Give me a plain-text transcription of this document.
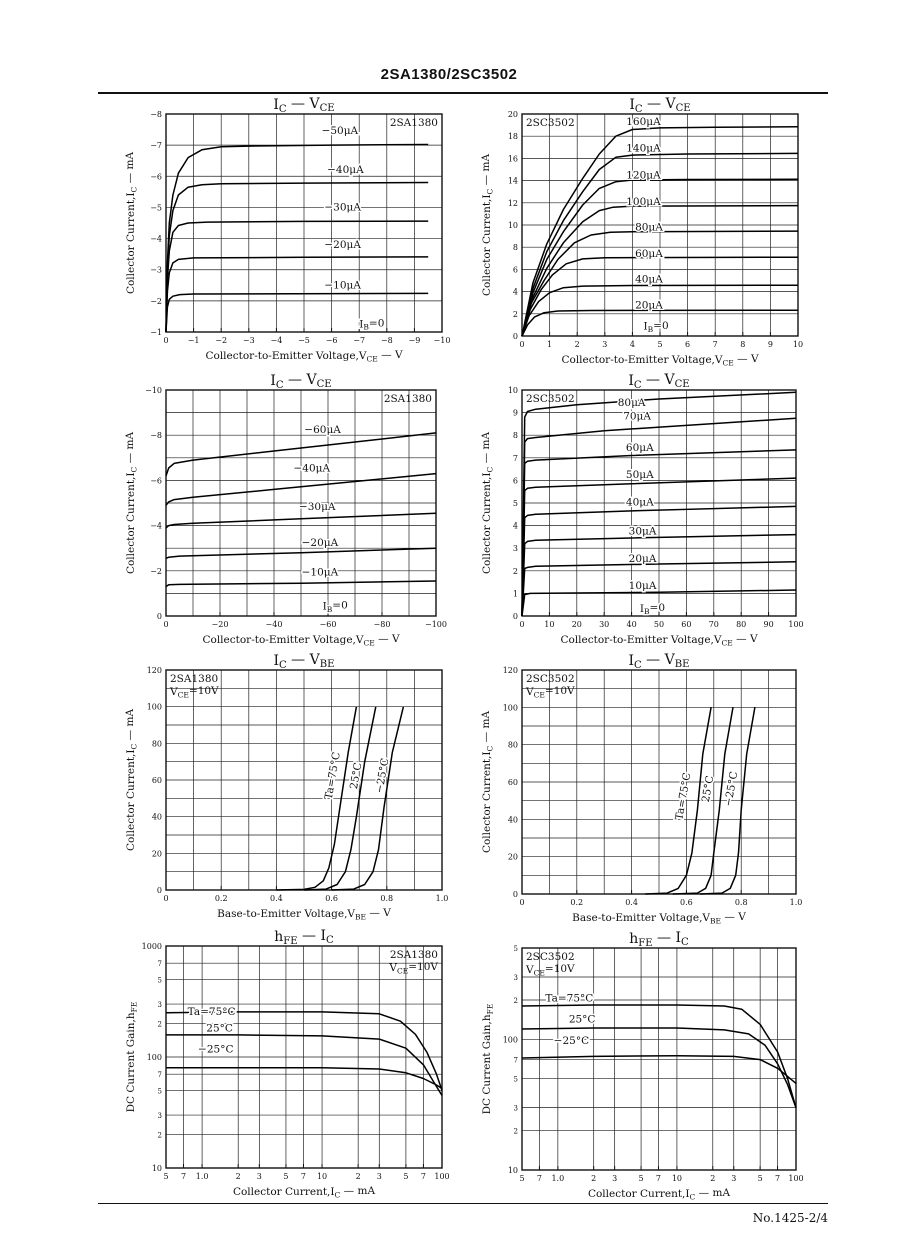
2SA1380/2SC3502
$I_C$ — $V_{CE}$
2SA1380
0 −1 −2 −3 −4 −5 −6 −7 −8 −9 −10
−1
−2
−3
−4
−5
−6
−7
−8
Collector-to-Emitter $Voltage,V_{CE}$ — V
Collector $Current,I_C$ — mA
−50μA
−40μA
−30μA
−20μA
−10μA
$I_B=0$
$I_C$ — $V_{CE}$
2SC3502
0	1	2	3	4	5	6	7	8	9 10
0
2
4
6
8
10
12
14
16
18
20
Collector-to-Emitter $Voltage,V_{CE}$ — V
Collector $Current,I_C$ — mA
160μA
140μA
120μA
100μA
80μA
60μA
40μA
20μA
$I_B=0$
$I_C$ — $V_{CE}$
2SA1380
0	−20	−40	−60	−80	−100
0
−2
−4
−6
−8
−10
Collector-to-Emitter $Voltage,V_{CE}$ — V
Collector $Current,I_C$ — mA
−60μA
−40μA
−30μA
−20μA
−10μA
$I_B=0$
$I_C$ — $V_{CE}$
2SC3502
0 10 20 30 40 50 60 70 80 90 100
0
1
2
3
4
5
6
7
8
9
10
Collector-to-Emitter $Voltage,V_{CE}$ — V
Collector $Current,I_C$ — mA
80μA
70μA
60μA
50μA
40μA
30μA
20μA
10μA
$I_B=0$
$I_C$ — $V_{BE}$
2SA1380
$V_{CE}=10V$
0	0.2	0.4	0.6	0.8	1.0
0
20
40
60
80
100
120
Base-to-Emitter $Voltage,V_{BE}$ — V
Collector $Current,I_C$ — mA
Ta=75°C 25°C −25°C
$I_C$ — $V_{BE}$
2SC3502
$V_{CE}=10V$
0	0.2	0.4	0.6	0.8	1.0
0
20
40
60
80
100
120
Base-to-Emitter $Voltage,V_{BE}$ — V
Collector $Current,I_C$ — mA
Ta=75°C 25°C −25°C
$h_{FE}$ — $I_C$
2SA1380
$V_{CE}=10V$
5 7 1.0	2 3	5 7 10	2 3	5 7 100
10
100
1000
2
3
5
7
2
3
5
7
Collector $Current,I_C$ — mA
DC Current $Gain,h_{FE}$	Ta=75°C
25°C
−25°C
$h_{FE}$ — $I_C$
2SC3502
$V_{CE}=10V$
5 7 1.0	2 3	5 7 10	2 3	5 7 100
10
100
2
3
5
7
2
3
5
Collector $Current,I_C$ — mA
DC Current $Gain,h_{FE}$
Ta=75°C
25°C
−25°C
No.1425-2/4
